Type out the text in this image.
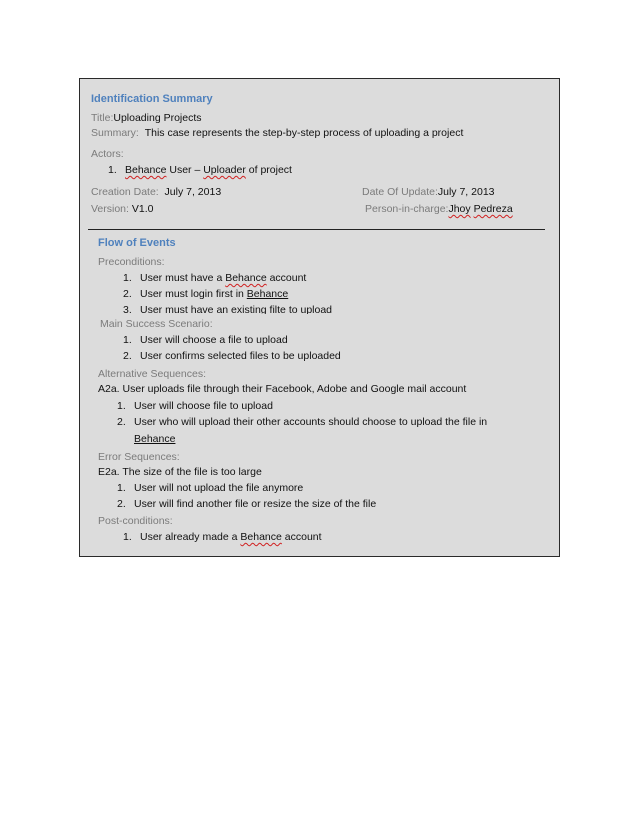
Identification Summary
Title:Uploading Projects
Summary: This case represents the step-by-step process of uploading a project
Actors:
1. Behance User – Uploader of project
Creation Date: July 7, 2013	Date Of Update:July 7, 2013
Version: V1.0	Person-in-charge:Jhoy Pedreza
Flow of Events
Preconditions:
1. User must have a Behance account
2. User must login first in Behance
3. User must have an existing filte to upload
Main Success Scenario:
1. User will choose a file to upload
2. User confirms selected files to be uploaded
Alternative Sequences:
A2a. User uploads file through their Facebook, Adobe and Google mail account
1. User will choose file to upload
2. User who will upload their other accounts should choose to upload the file in
Behance
Error Sequences:
E2a. The size of the file is too large
1. User will not upload the file anymore
2. User will find another file or resize the size of the file
Post-conditions:
1. User already made a Behance account
